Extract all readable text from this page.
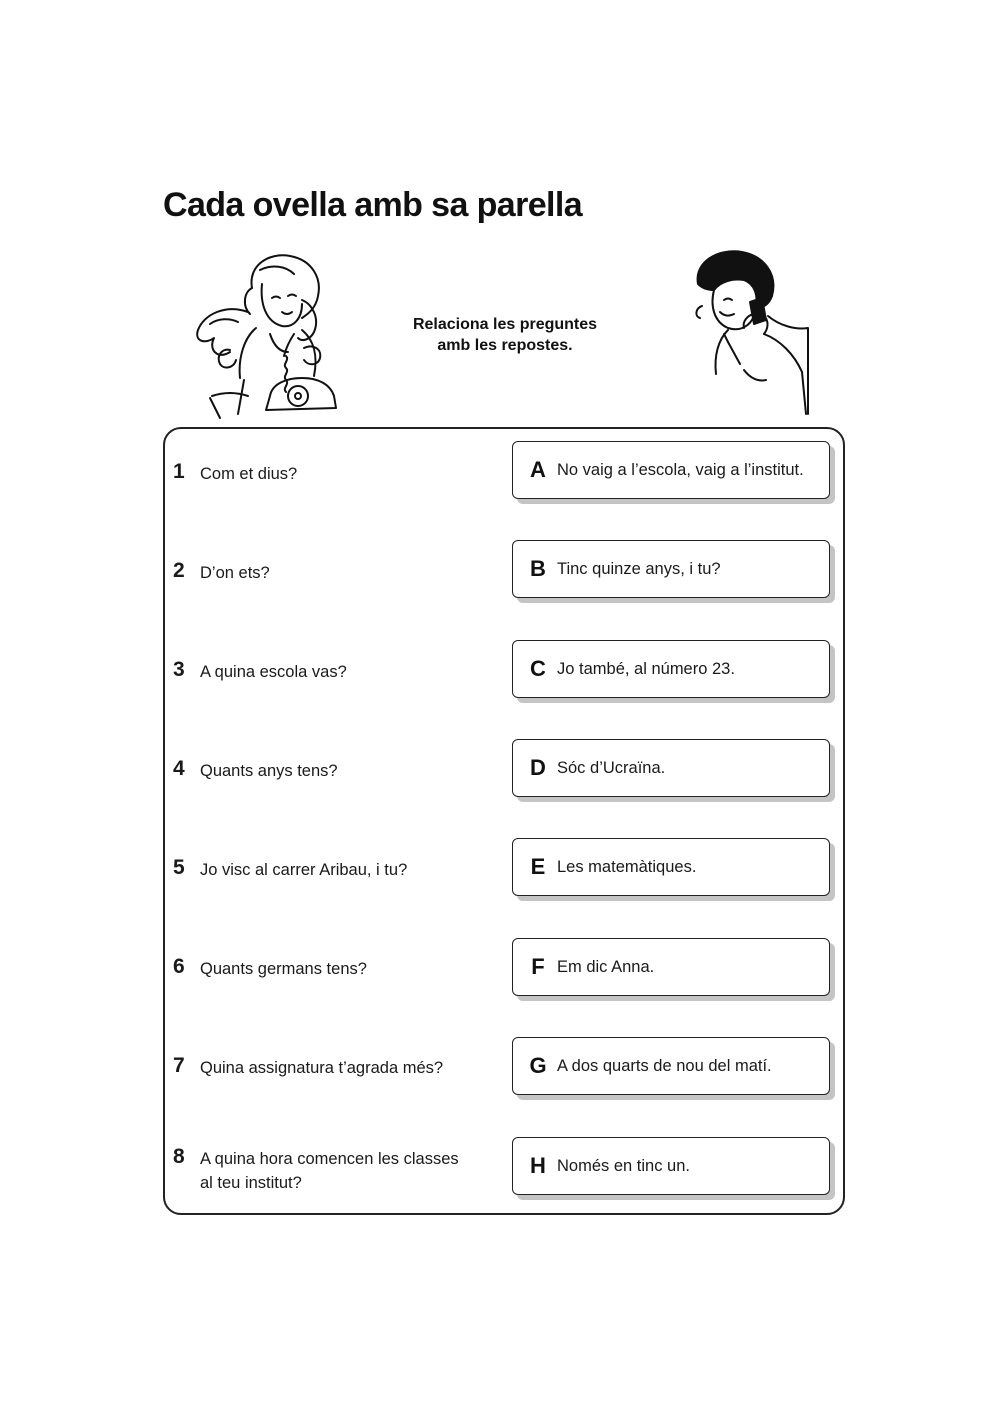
Cada ovella amb sa parella
Relaciona les preguntes
amb les repostes.
1 Com et dius?
2 D’on ets?
3 A quina escola vas?
4 Quants anys tens?
5 Jo visc al carrer Aribau, i tu?
6 Quants germans tens?
7 Quina assignatura t’agrada més?
8 A quina hora comencen les classes
al teu institut?
A No vaig a l’escola, vaig a l’institut.
B Tinc quinze anys, i tu?
C Jo també, al número 23.
D Sóc d’Ucraïna.
E Les matemàtiques.
F Em dic Anna.
G A dos quarts de nou del matí.
H Només en tinc un.
